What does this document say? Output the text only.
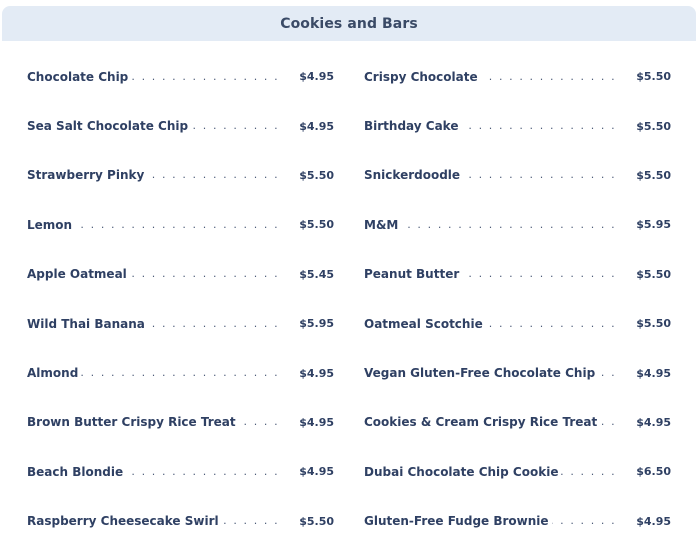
Cookies and Bars
Chocolate Chip . . .	$4.95	Crispy Chocolate . . .	$5.50
Sea Salt Chocolate Chip . . .	$4.95	Birthday Cake . . .	$5.50
Strawberry Pinky . . .	$5.50	Snickerdoodle . . .	$5.50
Lemon . . .	$5.50	M&M . . .	$5.95
Apple Oatmeal . . .	$5.45	Peanut Butter . . .	$5.50
Wild Thai Banana . . .	$5.95	Oatmeal Scotchie . . .	$5.50
Almond . . .	$4.95	Vegan Gluten-Free Chocolate Chip . . .	$4.95
Brown Butter Crispy Rice Treat . . .	$4.95	Cookies & Cream Crispy Rice Treat . . .	$4.95
Beach Blondie . . .	$4.95	Dubai Chocolate Chip Cookie . . .	$6.50
Raspberry Cheesecake Swirl . . .	$5.50	Gluten-Free Fudge Brownie . . .	$4.95
